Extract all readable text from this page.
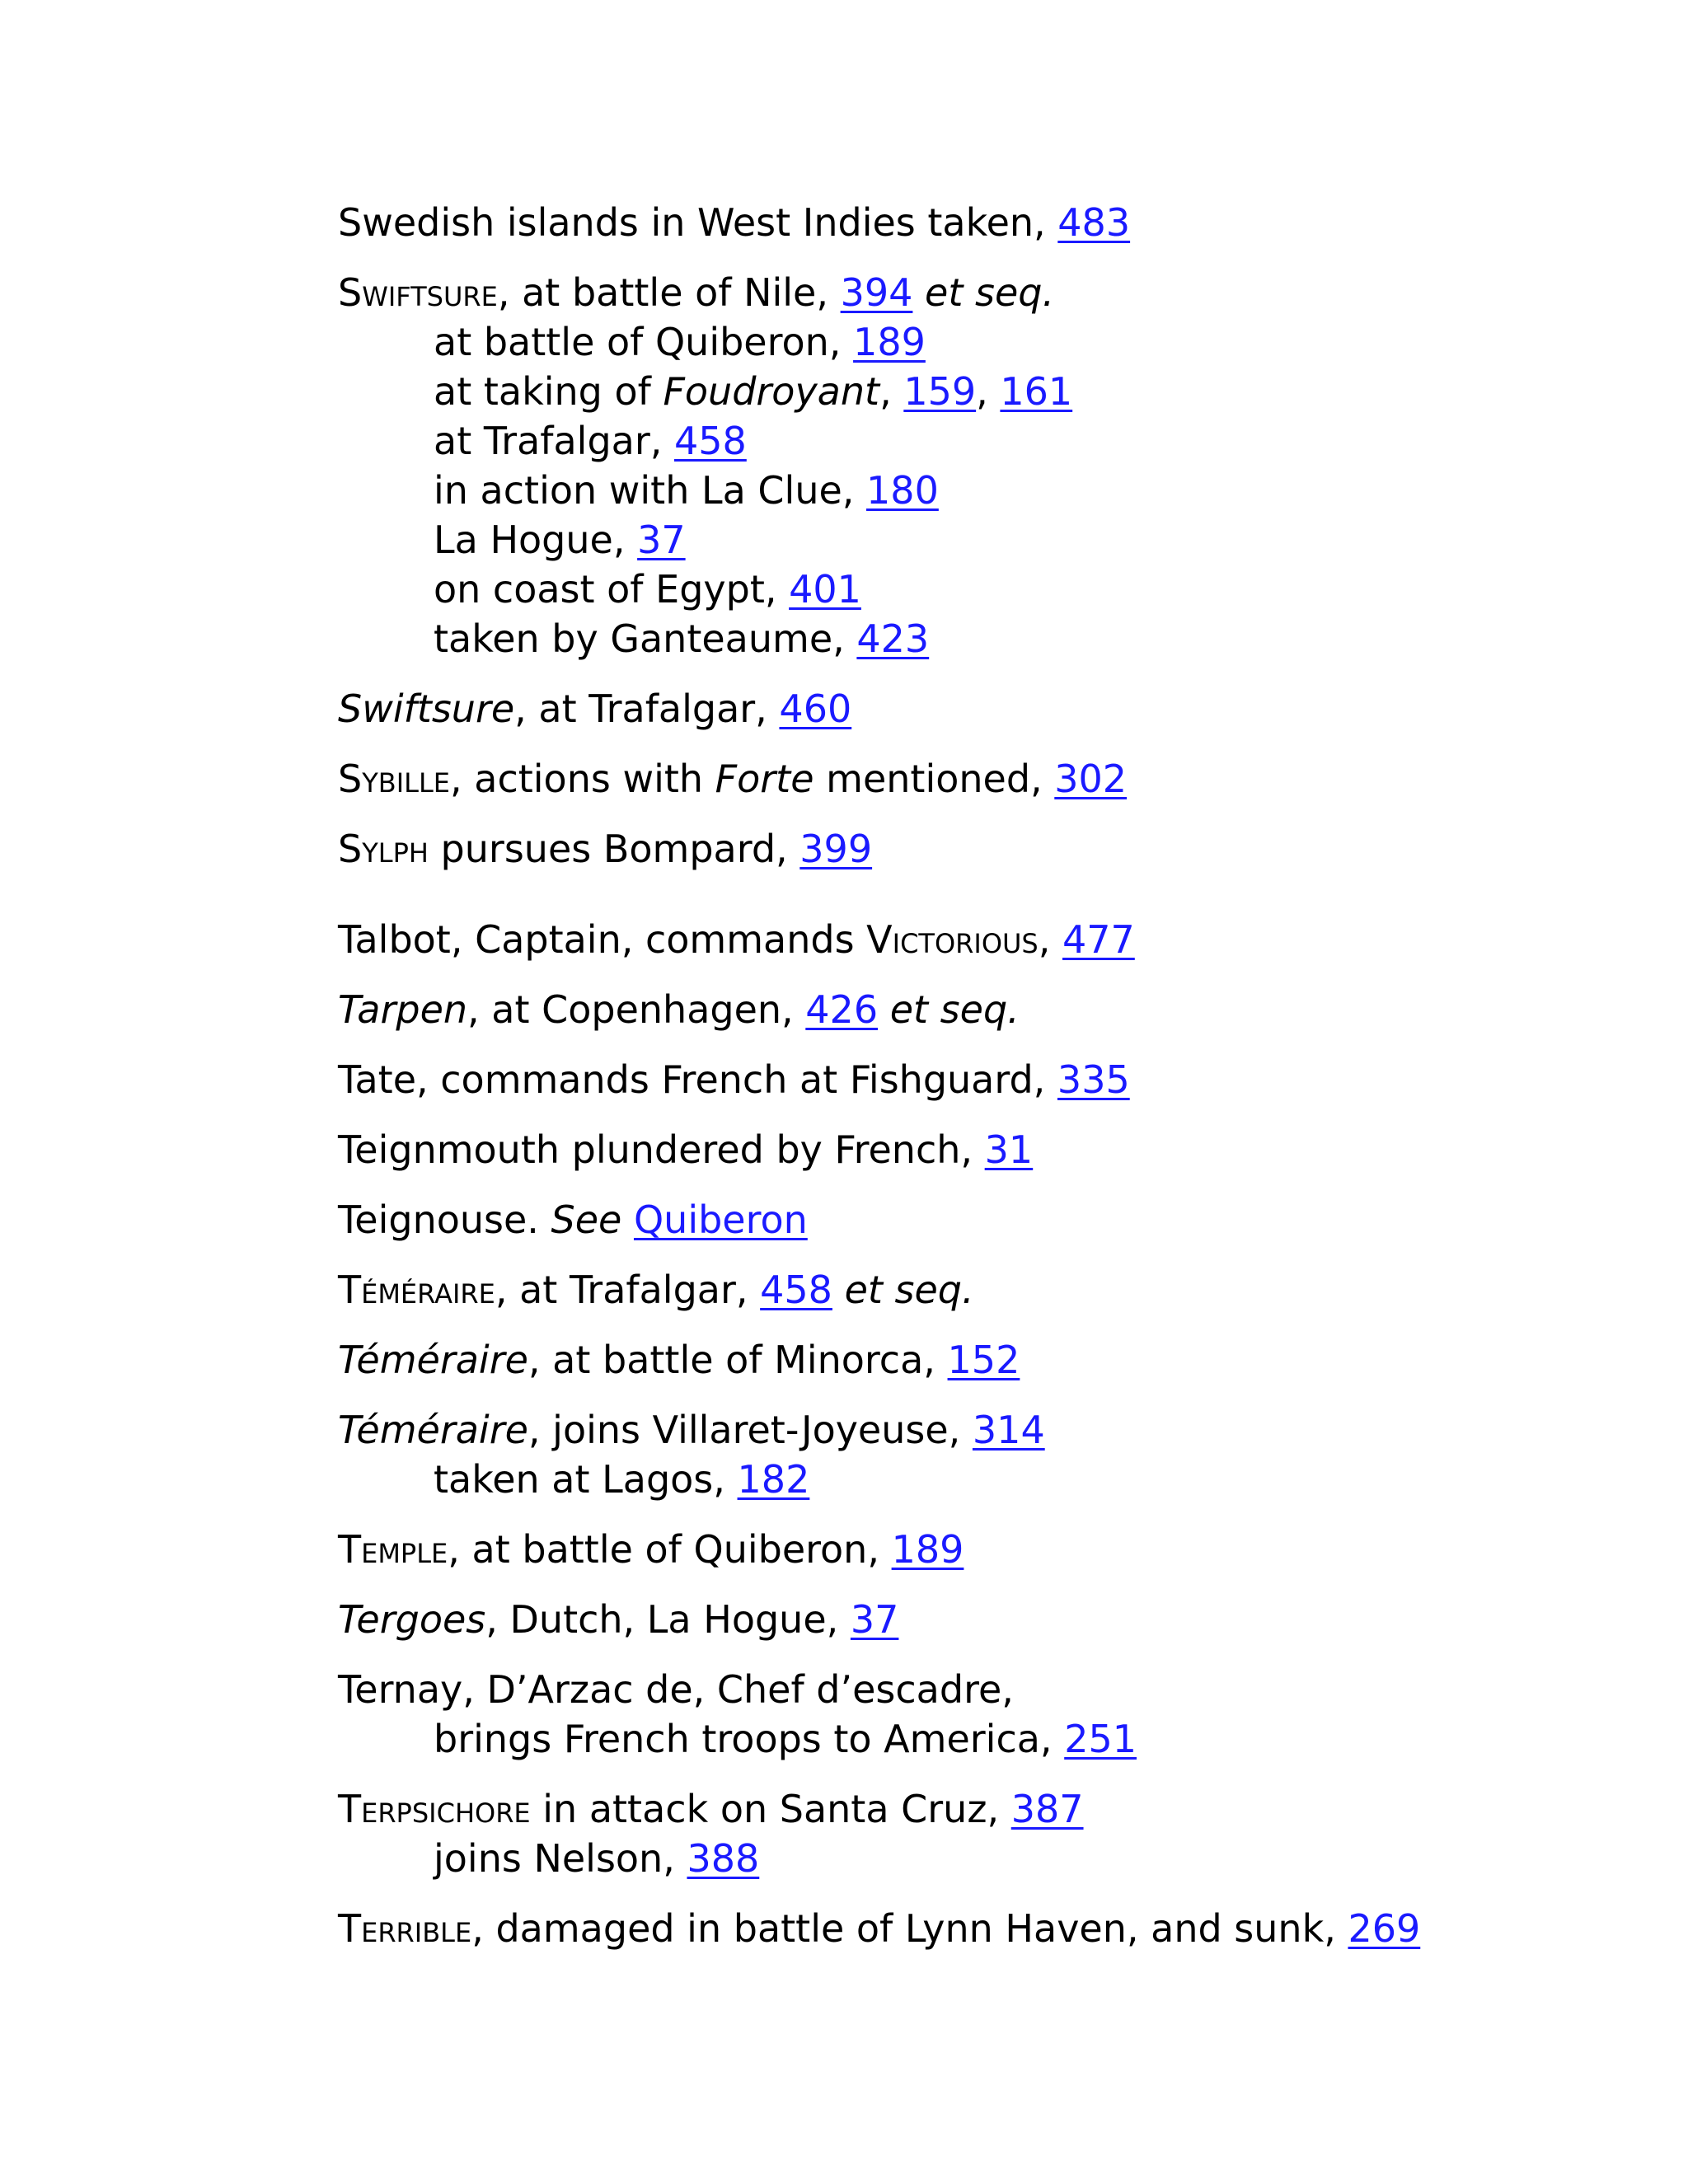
Swedish islands in West Indies taken, 483
Swiftsure, at battle of Nile, 394 et seq.
at battle of Quiberon, 189
at taking of Foudroyant, 159, 161
at Trafalgar, 458
in action with La Clue, 180
La Hogue, 37
on coast of Egypt, 401
taken by Ganteaume, 423
Swiftsure, at Trafalgar, 460
Sybille, actions with Forte mentioned, 302
Sylph pursues Bompard, 399
Talbot, Captain, commands Victorious, 477
Tarpen, at Copenhagen, 426 et seq.
Tate, commands French at Fishguard, 335
Teignmouth plundered by French, 31
Teignouse. See Quiberon
Téméraire, at Trafalgar, 458 et seq.
Téméraire, at battle of Minorca, 152
Téméraire, joins Villaret-Joyeuse, 314
taken at Lagos, 182
Temple, at battle of Quiberon, 189
Tergoes, Dutch, La Hogue, 37
Ternay, D’Arzac de, Chef d’escadre,
brings French troops to America, 251
Terpsichore in attack on Santa Cruz, 387
joins Nelson, 388
Terrible, damaged in battle of Lynn Haven, and sunk, 269
